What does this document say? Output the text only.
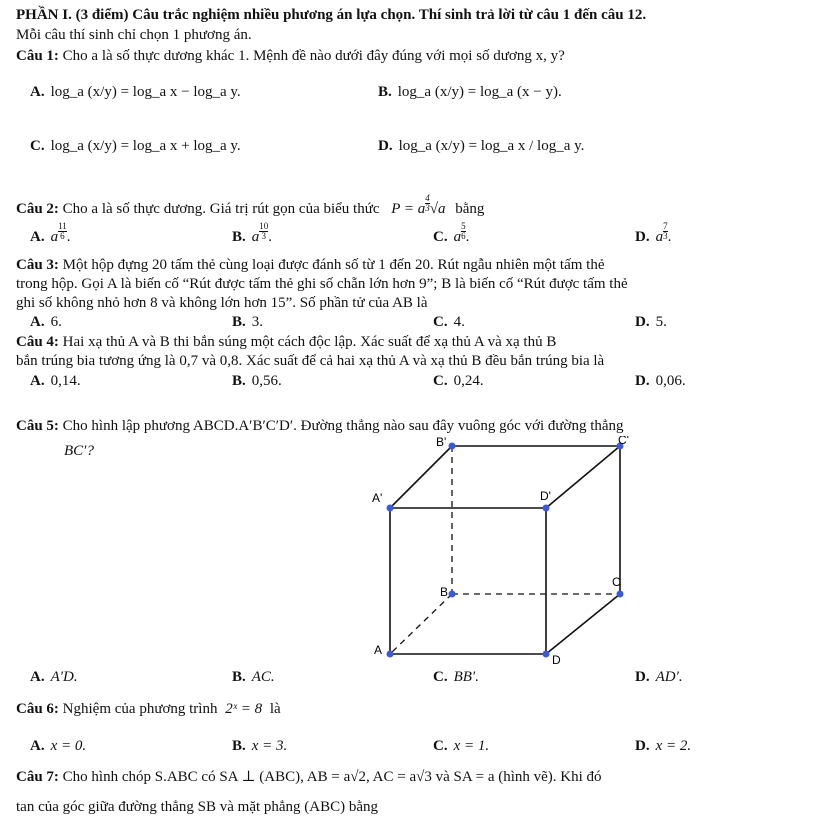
PHẦN I. (3 điểm) Câu trắc nghiệm nhiều phương án lựa chọn. Thí sinh trả lời từ câu 1 đến câu 12.
Mỗi câu thí sinh chỉ chọn 1 phương án.
Câu 1: Cho a là số thực dương khác 1. Mệnh đề nào dưới đây đúng với mọi số dương x, y?
A. log_a (x/y) = log_a x − log_a y.	B. log_a (x/y) = log_a (x − y).
C. log_a (x/y) = log_a x + log_a y.	D. log_a (x/y) = log_a x / log_a y.
Câu 2: Cho a là số thực dương. Giá trị rút gọn của biểu thức P = a $\frac{4}{3} √a$ bằng
A. a $\frac{11}{6}$ .	B. a $\frac{10}{3}$ .	C. a $\frac{5}{6}$ .	D. a $\frac{7}{3}$ .
Câu 3: Một hộp đựng 20 tấm thẻ cùng loại được đánh số từ 1 đến 20. Rút ngẫu nhiên một tấm thẻ
trong hộp. Gọi A là biến cố “Rút được tấm thẻ ghi số chẵn lớn hơn 9”; B là biến cố “Rút được tấm thẻ
ghi số không nhỏ hơn 8 và không lớn hơn 15”. Số phần tử của AB là
A. 6.	B. 3.	C. 4.	D. 5.
Câu 4: Hai xạ thủ A và B thi bắn súng một cách độc lập. Xác suất để xạ thủ A và xạ thủ B
bắn trúng bia tương ứng là 0,7 và 0,8. Xác suất để cả hai xạ thủ A và xạ thủ B đều bắn trúng bia là
A. 0,14.	B. 0,56.	C. 0,24.	D. 0,06.
Câu 5: Cho hình lập phương ABCD.A′B′C′D′. Đường thẳng nào sau đây vuông góc với đường thẳng
BC′?
B'	C'
A'	D'
B
C
A
D
A. A′D.	B. AC.	C. BB′.	D. AD′.
Câu 6: Nghiệm của phương trình 2ˣ = 8 là
A. x = 0.	B. x = 3.	C. x = 1.	D. x = 2.
Câu 7: Cho hình chóp S.ABC có SA ⊥ (ABC), AB = a√2, AC = a√3 và SA = a (hình vẽ). Khi đó
tan của góc giữa đường thẳng SB và mặt phẳng (ABC) bằng
